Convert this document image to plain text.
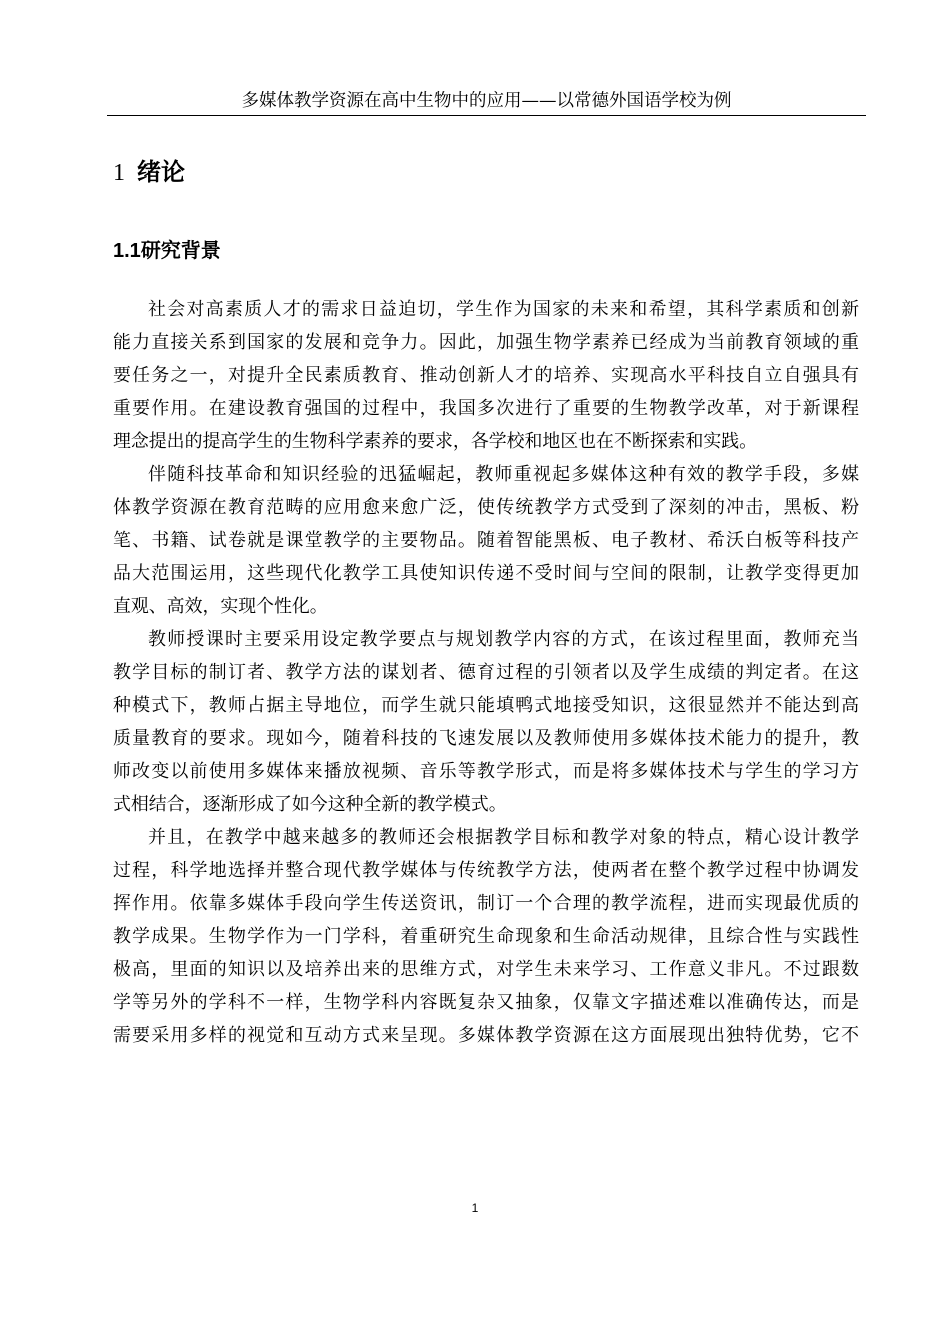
多媒体教学资源在高中生物中的应用——以常德外国语学校为例
1 绪论
1.1研究背景
社会对高素质人才的需求日益迫切，学生作为国家的未来和希望，其科学素质和创新
能力直接关系到国家的发展和竞争力。因此，加强生物学素养已经成为当前教育领域的重
要任务之一，对提升全民素质教育、推动创新人才的培养、实现高水平科技自立自强具有
重要作用。在建设教育强国的过程中，我国多次进行了重要的生物教学改革，对于新课程
理念提出的提高学生的生物科学素养的要求，各学校和地区也在不断探索和实践。
伴随科技革命和知识经验的迅猛崛起，教师重视起多媒体这种有效的教学手段，多媒
体教学资源在教育范畴的应用愈来愈广泛，使传统教学方式受到了深刻的冲击，黑板、粉
笔、书籍、试卷就是课堂教学的主要物品。随着智能黑板、电子教材、希沃白板等科技产
品大范围运用，这些现代化教学工具使知识传递不受时间与空间的限制，让教学变得更加
直观、高效，实现个性化。
教师授课时主要采用设定教学要点与规划教学内容的方式，在该过程里面，教师充当
教学目标的制订者、教学方法的谋划者、德育过程的引领者以及学生成绩的判定者。在这
种模式下，教师占据主导地位，而学生就只能填鸭式地接受知识，这很显然并不能达到高
质量教育的要求。现如今，随着科技的飞速发展以及教师使用多媒体技术能力的提升，教
师改变以前使用多媒体来播放视频、音乐等教学形式，而是将多媒体技术与学生的学习方
式相结合，逐渐形成了如今这种全新的教学模式。
并且，在教学中越来越多的教师还会根据教学目标和教学对象的特点，精心设计教学
过程，科学地选择并整合现代教学媒体与传统教学方法，使两者在整个教学过程中协调发
挥作用。依靠多媒体手段向学生传送资讯，制订一个合理的教学流程，进而实现最优质的
教学成果。生物学作为一门学科，着重研究生命现象和生命活动规律，且综合性与实践性
极高，里面的知识以及培养出来的思维方式，对学生未来学习、工作意义非凡。不过跟数
学等另外的学科不一样，生物学科内容既复杂又抽象，仅靠文字描述难以准确传达，而是
需要采用多样的视觉和互动方式来呈现。多媒体教学资源在这方面展现出独特优势，它不
1
